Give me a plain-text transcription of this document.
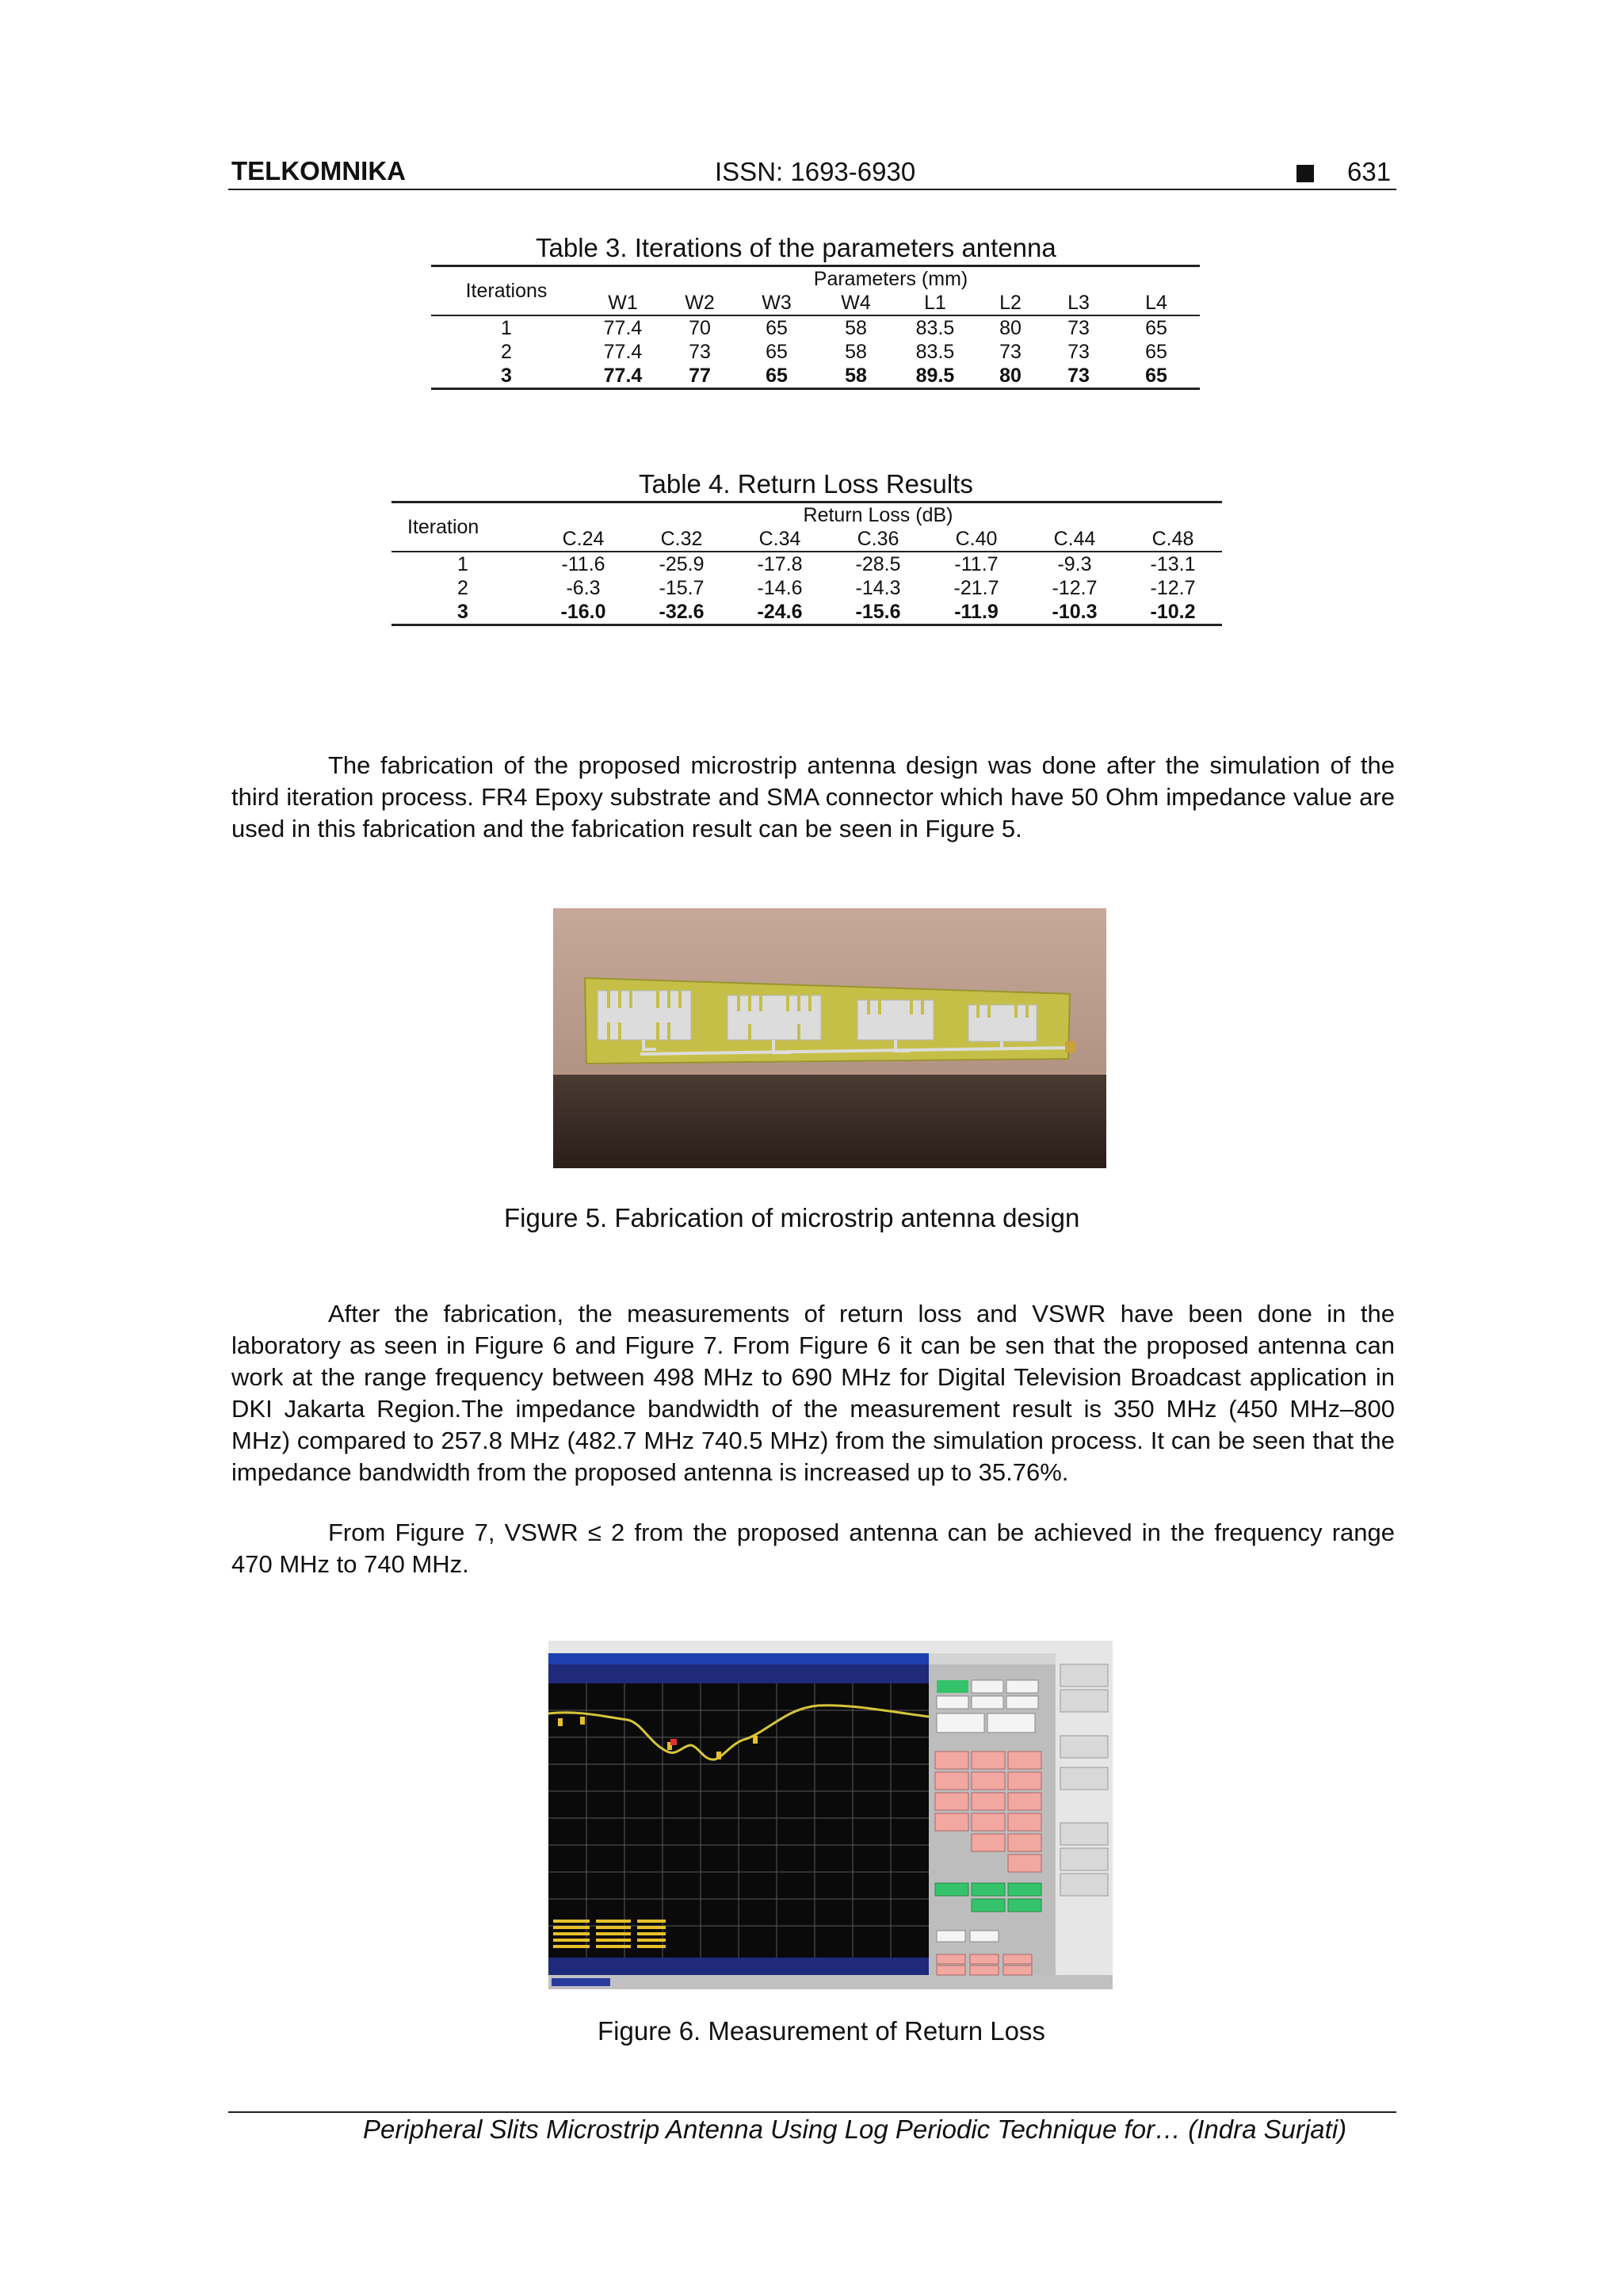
TELKOMNIKA	ISSN: 1693-6930	631
Table 3. Iterations of the parameters antenna
Iterations	Parameters (mm)							
	W1	W2	W3	W4	L1	L2	L3	L4
1	77.4	70	65	58	83.5	80	73	65
2	77.4	73	65	58	83.5	73	73	65
3	77.4	77	65	58	89.5	80	73	65
Table 4. Return Loss Results
Iteration	Return Loss (dB)						
	C.24	C.32	C.34	C.36	C.40	C.44	C.48
1	-11.6	-25.9	-17.8	-28.5	-11.7	-9.3	-13.1
2	-6.3	-15.7	-14.6	-14.3	-21.7	-12.7	-12.7
3	-16.0	-32.6	-24.6	-15.6	-11.9	-10.3	-10.2
The fabrication of the proposed microstrip antenna design was done after the simulation of the third iteration process. FR4 Epoxy substrate and SMA connector which have 50 Ohm impedance value are used in this fabrication and the fabrication result can be seen in Figure 5.
Figure 5. Fabrication of microstrip antenna design
After the fabrication, the measurements of return loss and VSWR have been done in the laboratory as seen in Figure 6 and Figure 7. From Figure 6 it can be sen that the proposed antenna can work at the range frequency between 498 MHz to 690 MHz for Digital Television Broadcast application in DKI Jakarta Region.The impedance bandwidth of the measurement result is 350 MHz (450 MHz–800 MHz) compared to 257.8 MHz (482.7 MHz 740.5 MHz) from the simulation process. It can be seen that the impedance bandwidth from the proposed antenna is increased up to 35.76%.
From Figure 7, VSWR ≤ 2 from the proposed antenna can be achieved in the frequency range 470 MHz to 740 MHz.
Figure 6. Measurement of Return Loss
Peripheral Slits Microstrip Antenna Using Log Periodic Technique for… (Indra Surjati)
